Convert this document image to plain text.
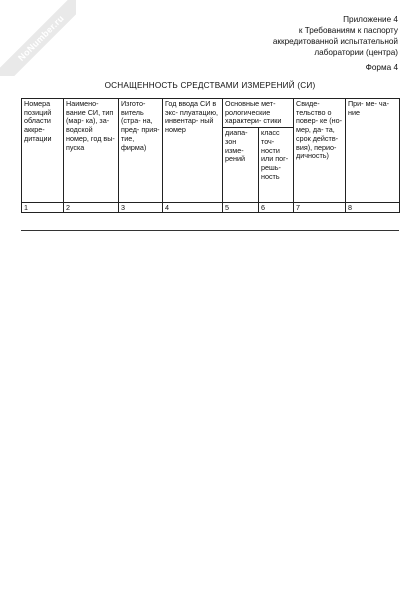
NoNumber.ru	Приложение 4
к Требованиям к паспорту
аккредитованной испытательной
лаборатории (центра)
Форма 4
ОСНАЩЕННОСТЬ СРЕДСТВАМИ ИЗМЕРЕНИЙ (СИ)
Номера позиций области аккре- дитации	Наимено- вание СИ, тип (мар- ка), за- водской номер, год вы- пуска	Изгото- витель (стра- на, пред- прия- тие, фирма)	Год ввода СИ в экс- плуатацию, инвентар- ный номер	Основные мет- рологические характери- стики		Свиде- тельство о повер- ке (но- мер, да- та, срок действ- вия), перио- дичность)	При- ме- ча- ние
				диапа- зон изме- рений	класс точ- ности или пог- решь- ность		
1	2	3	4	5	6	7	8
